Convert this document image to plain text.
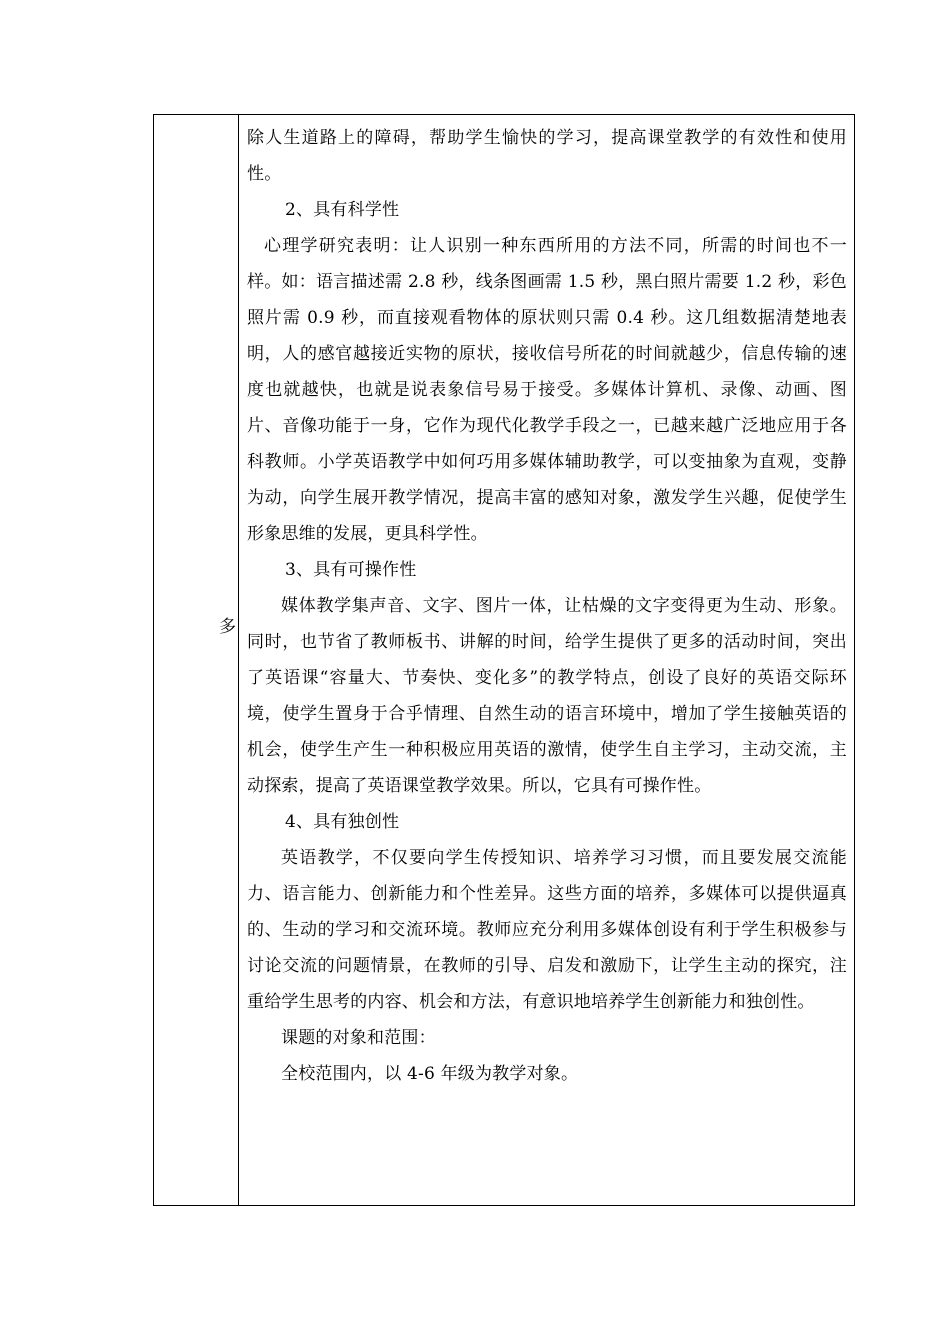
多

除人生道路上的障碍，帮助学生愉快的学习，提高课堂教学的有效性和使用性。

2、具有科学性

心理学研究表明：让人识别一种东西所用的方法不同，所需的时间也不一样。如：语言描述需 2.8 秒，线条图画需 1.5 秒，黑白照片需要 1.2 秒，彩色照片需 0.9 秒，而直接观看物体的原状则只需 0.4 秒。这几组数据清楚地表明，人的感官越接近实物的原状，接收信号所花的时间就越少，信息传输的速度也就越快，也就是说表象信号易于接受。多媒体计算机、录像、动画、图片、音像功能于一身，它作为现代化教学手段之一，已越来越广泛地应用于各科教师。小学英语教学中如何巧用多媒体辅助教学，可以变抽象为直观，变静为动，向学生展开教学情况，提高丰富的感知对象，激发学生兴趣，促使学生形象思维的发展，更具科学性。

3、具有可操作性

媒体教学集声音、文字、图片一体，让枯燥的文字变得更为生动、形象。同时，也节省了教师板书、讲解的时间，给学生提供了更多的活动时间，突出了英语课“容量大、节奏快、变化多”的教学特点，创设了良好的英语交际环境，使学生置身于合乎情理、自然生动的语言环境中，增加了学生接触英语的机会，使学生产生一种积极应用英语的激情，使学生自主学习，主动交流，主动探索，提高了英语课堂教学效果。所以，它具有可操作性。

4、具有独创性

英语教学，不仅要向学生传授知识、培养学习习惯，而且要发展交流能力、语言能力、创新能力和个性差异。这些方面的培养，多媒体可以提供逼真的、生动的学习和交流环境。教师应充分利用多媒体创设有利于学生积极参与讨论交流的问题情景，在教师的引导、启发和激励下，让学生主动的探究，注重给学生思考的内容、机会和方法，有意识地培养学生创新能力和独创性。

课题的对象和范围：

全校范围内，以 4-6 年级为教学对象。
